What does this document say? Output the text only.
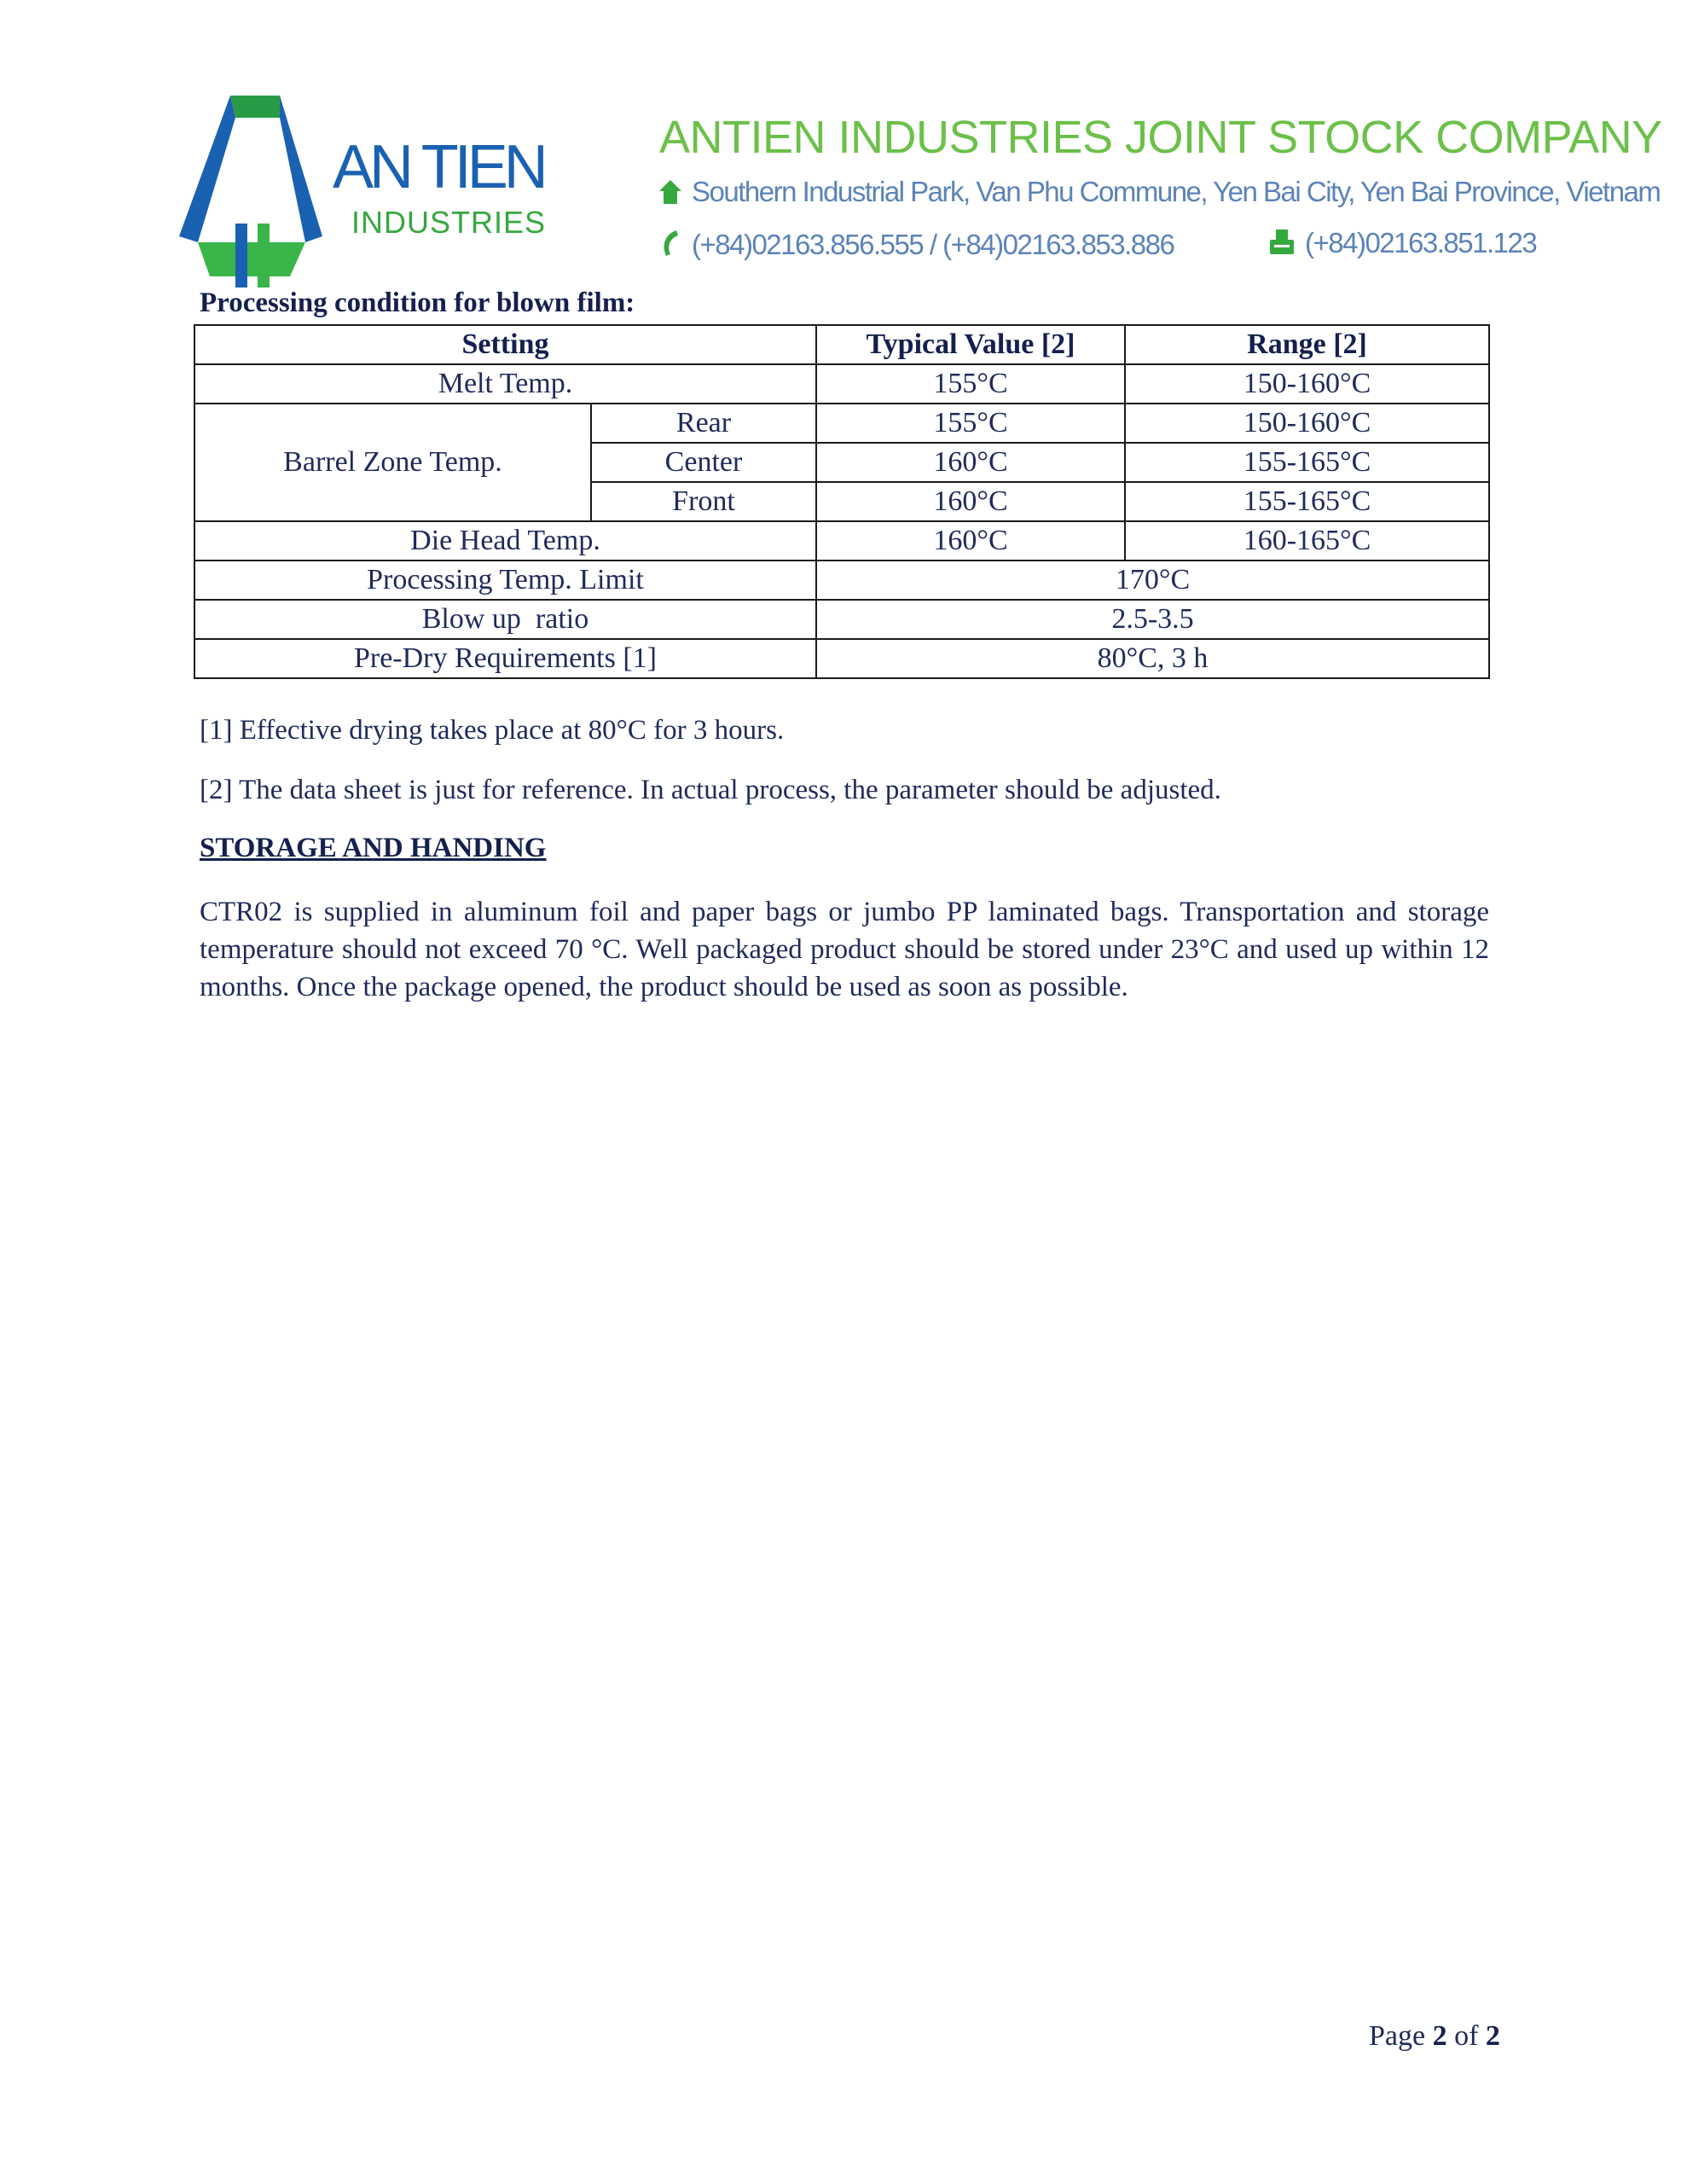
AN TIEN
INDUSTRIES
ANTIEN INDUSTRIES JOINT STOCK COMPANY
Southern Industrial Park, Van Phu Commune, Yen Bai City, Yen Bai Province, Vietnam
(+84)02163.856.555 / (+84)02163.853.886	(+84)02163.851.123
Processing condition for blown film:
Setting		Typical Value [2]	Range [2]
Melt Temp.		155°C	150-160°C
Barrel Zone Temp.	Rear	155°C	150-160°C
	Center	160°C	155-165°C
	Front	160°C	155-165°C
Die Head Temp.		160°C	160-165°C
Processing Temp. Limit		170°C	
Blow up  ratio		2.5-3.5	
Pre-Dry Requirements [1]		80°C, 3 h	
[1] Effective drying takes place at 80°C for 3 hours.
[2] The data sheet is just for reference. In actual process, the parameter should be adjusted.
STORAGE AND HANDING
CTR02 is supplied in aluminum foil and paper bags or jumbo PP laminated bags. Transportation and storage temperature should not exceed 70 °C. Well packaged product should be stored under 23°C and used up within 12 months. Once the package opened, the product should be used as soon as possible.
Page 2 of 2
